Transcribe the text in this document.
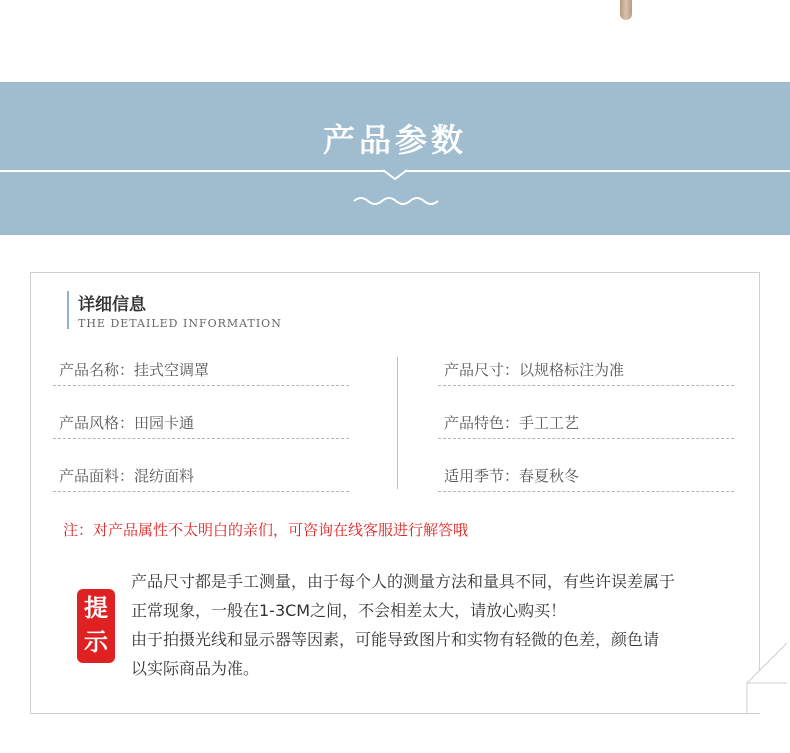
产品参数
详细信息
THE DETAILED INFORMATION
产品名称：挂式空调罩
产品风格：田园卡通
产品面料：混纺面料
产品尺寸：以规格标注为准
产品特色：手工工艺
适用季节：春夏秋冬
注：对产品属性不太明白的亲们，可咨询在线客服进行解答哦
提
示
产品尺寸都是手工测量，由于每个人的测量方法和量具不同，有些许误差属于
正常现象，一般在1-3CM之间，不会相差太大，请放心购买！
由于拍摄光线和显示器等因素，可能导致图片和实物有轻微的色差，颜色请
以实际商品为准。
